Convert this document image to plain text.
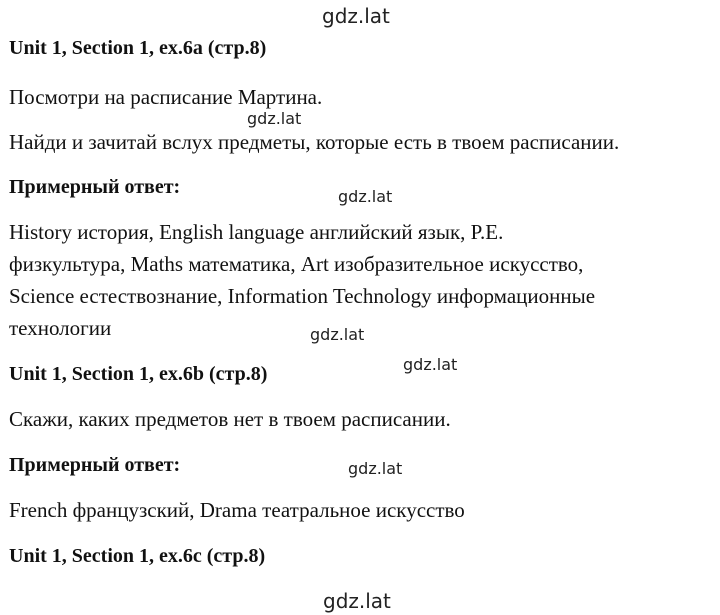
gdz.lat
gdz.lat
gdz.lat
gdz.lat
gdz.lat
gdz.lat
gdz.lat
Unit 1, Section 1, ex.6a (стр.8)
Посмотри на расписание Мартина.
Найди и зачитай вслух предметы, которые есть в твоем расписании.
Примерный ответ:
History история, English language английский язык, P.E.
физкультура, Maths математика, Art изобразительное искусство,
Science естествознание, Information Technology информационные
технологии
Unit 1, Section 1, ex.6b (стр.8)
Скажи, каких предметов нет в твоем расписании.
Примерный ответ:
French французский, Drama театральное искусство
Unit 1, Section 1, ex.6c (стр.8)
